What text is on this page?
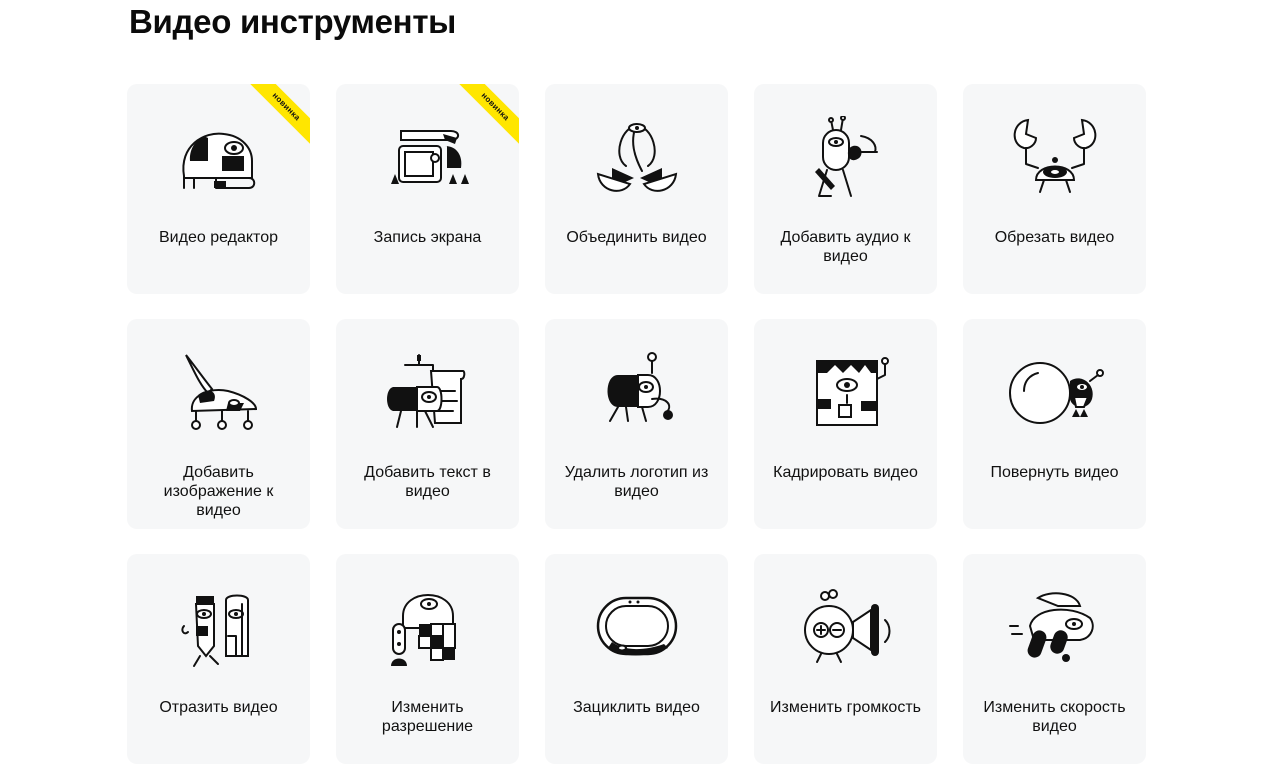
Видео инструменты
новинка
Видео редактор
новинка
Запись экрана	Объединить видео	Добавить аудио к видео
Обрезать видео
Добавить изображение к видео
Добавить текст в видео
Удалить логотип из видео
Кадрировать видео	Повернуть видео
Отразить видео	Изменить разрешение
Зациклить видео	Изменить громкость	Изменить скорость видео
